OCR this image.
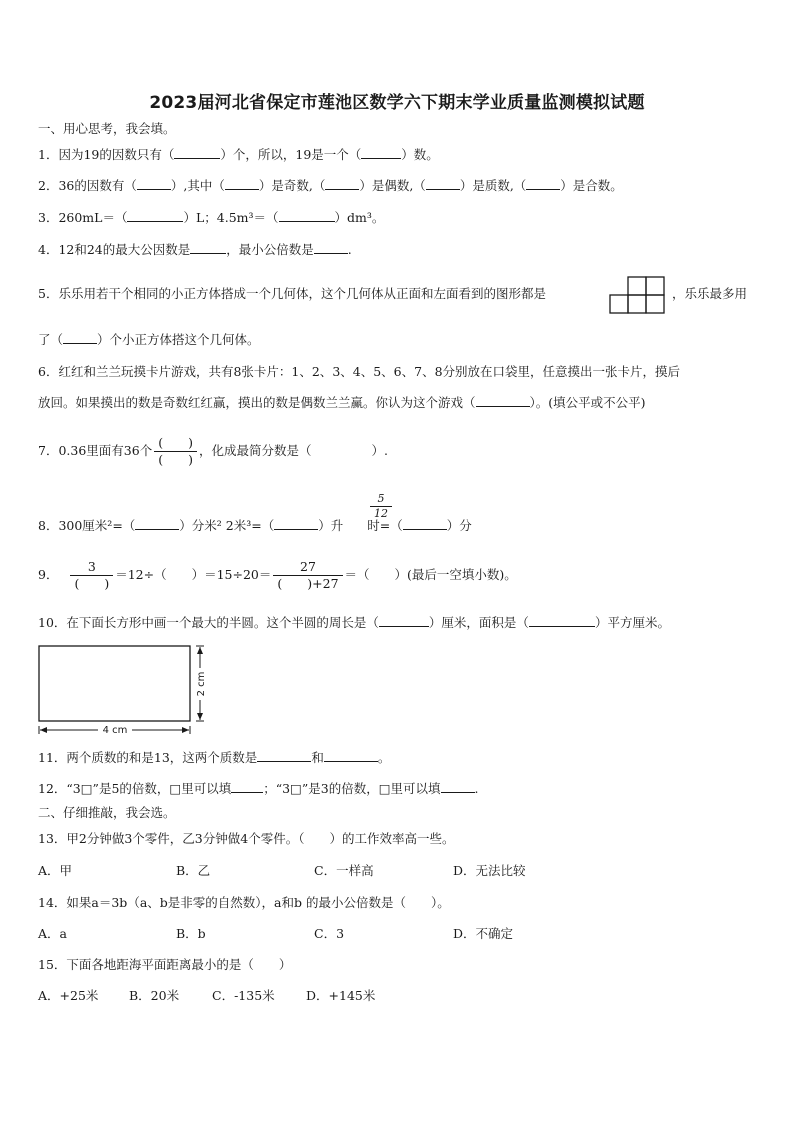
2023届河北省保定市莲池区数学六下期末学业质量监测模拟试题
一、用心思考，我会填。
1．因为19的因数只有（	）个，所以，19是一个（	）数。
2．36的因数有（	）,其中（	）是奇数,（	）是偶数,（	）是质数,（	）是合数。
3．260mL＝（	）L；4.5m³＝（	）dm³。
4．12和24的最大公因数是	，最小公倍数是	.
5．乐乐用若干个相同的小正方体搭成一个几何体，这个几何体从正面和左面看到的图形都是	，乐乐最多用
了（	）个小正方体搭这个几何体。
6．红红和兰兰玩摸卡片游戏，共有8张卡片：1、2、3、4、5、6、7、8分别放在口袋里，任意摸出一张卡片，摸后
放回。如果摸出的数是奇数红红赢，摸出的数是偶数兰兰赢。你认为这个游戏（	）。(填公平或不公平)
7．0.36里面有36个 $\frac{( )}{( )}$ ，化成最简分数是（	）.
$\frac{5}{12}$
8．300厘米²=（	）分米² 2米³=（	）升 时=（	）分
9． $\frac{3}{( )} =12\div$（　　）$=15\div 20= \frac{27}{( )+27}$ ＝（　　）(最后一空填小数)。
10．在下面长方形中画一个最大的半圆。这个半圆的周长是（	）厘米，面积是（	）平方厘米。
4 cm
2 cm
11．两个质数的和是13，这两个质数是	和	。
12．“3□”是5的倍数，□里可以填	；“3□”是3的倍数，□里可以填	.
二、仔细推敲，我会选。
13．甲2分钟做3个零件，乙3分钟做4个零件。（　　）的工作效率高一些。
A．甲	B．乙	C．一样高	D．无法比较
14．如果a＝3b（a、b是非零的自然数），a和b 的最小公倍数是（　　）。
A．a	B．b	C．3	D．不确定
15．下面各地距海平面距离最小的是（　　）
A．+25米 B．20米	C．-135米	D．+145米
